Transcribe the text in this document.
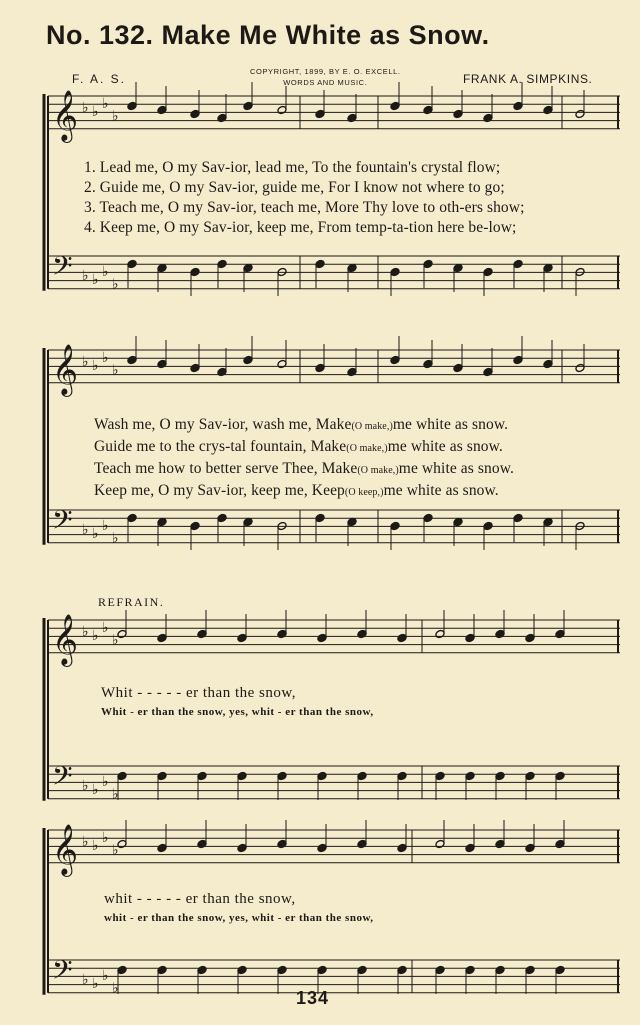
No. 132. Make Me White as Snow.
F. A. S.
COPYRIGHT, 1899, BY E. O. EXCELL.
WORDS AND MUSIC.	FRANK A. SIMPKINS.
𝄞
𝄢
♭
♭
♭
♭
♭
♭
♭
♭
𝄞
𝄢
♭
♭
♭
♭
♭
♭
♭
♭
𝄞
𝄢
♭
♭
♭
♭
♭
♭
♭
♭
𝄞
𝄢
♭
♭
♭
♭
♭
♭
♭
♭
1. Lead me, O my Sav-ior, lead me, To the fountain's crystal flow;
2. Guide me, O my Sav-ior, guide me, For I know not where to go;
3. Teach me, O my Sav-ior, teach me, More Thy love to oth-ers show;
4. Keep me, O my Sav-ior, keep me, From temp-ta-tion here be-low;
Wash me, O my Sav-ior, wash me, Make(O make,)me white as snow.
Guide me to the crys-tal fountain, Make(O make,)me white as snow.
Teach me how to better serve Thee, Make(O make,)me white as snow.
Keep me, O my Sav-ior, keep me, Keep(O keep,)me white as snow.
REFRAIN.
Whit - - - - - er than the snow,
Whit - er than the snow, yes, whit - er than the snow,
whit - - - - - er than the snow,
whit - er than the snow, yes, whit - er than the snow,
134
